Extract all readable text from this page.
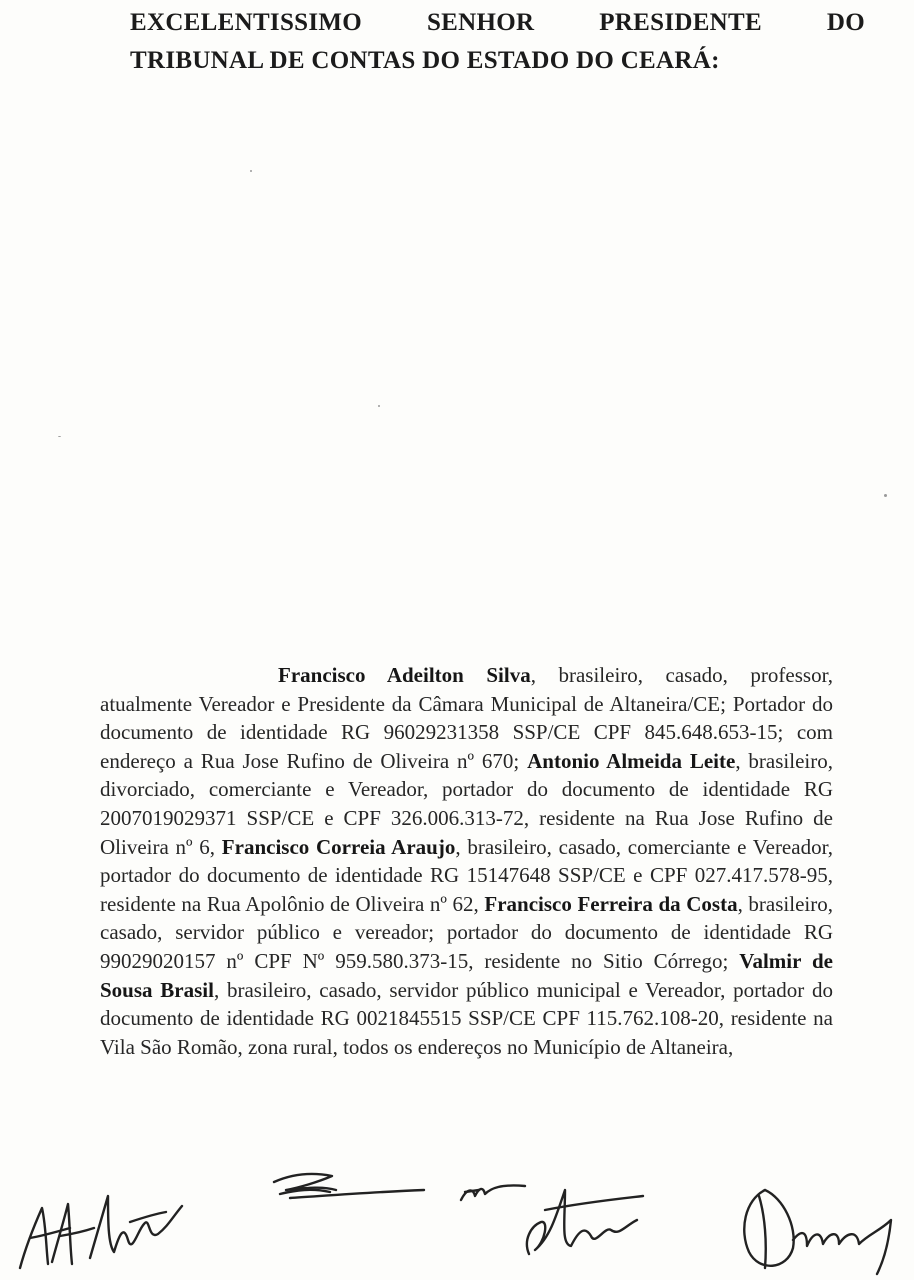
EXCELENTISSIMO	SENHOR	PRESIDENTE	DO
TRIBUNAL DE CONTAS DO ESTADO DO CEARÁ:

Francisco Adeilton Silva, brasileiro, casado, professor, atualmente Vereador e Presidente da Câmara Municipal de Altaneira/CE; Portador do documento de identidade RG 96029231358 SSP/CE CPF 845.648.653-15; com endereço a Rua Jose Rufino de Oliveira nº 670; Antonio Almeida Leite, brasileiro, divorciado, comerciante e Vereador, portador do documento de identidade RG 2007019029371 SSP/CE e CPF 326.006.313-72, residente na Rua Jose Rufino de Oliveira nº 6, Francisco Correia Araujo, brasileiro, casado, comerciante e Vereador, portador do documento de identidade RG 15147648 SSP/CE e CPF 027.417.578-95, residente na Rua Apolônio de Oliveira nº 62, Francisco Ferreira da Costa, brasileiro, casado, servidor público e vereador; portador do documento de identidade RG 99029020157 nº CPF Nº 959.580.373-15, residente no Sitio Córrego; Valmir de Sousa Brasil, brasileiro, casado, servidor público municipal e Vereador, portador do documento de identidade RG 0021845515 SSP/CE CPF 115.762.108-20, residente na Vila São Romão, zona rural, todos os endereços no Município de Altaneira,
